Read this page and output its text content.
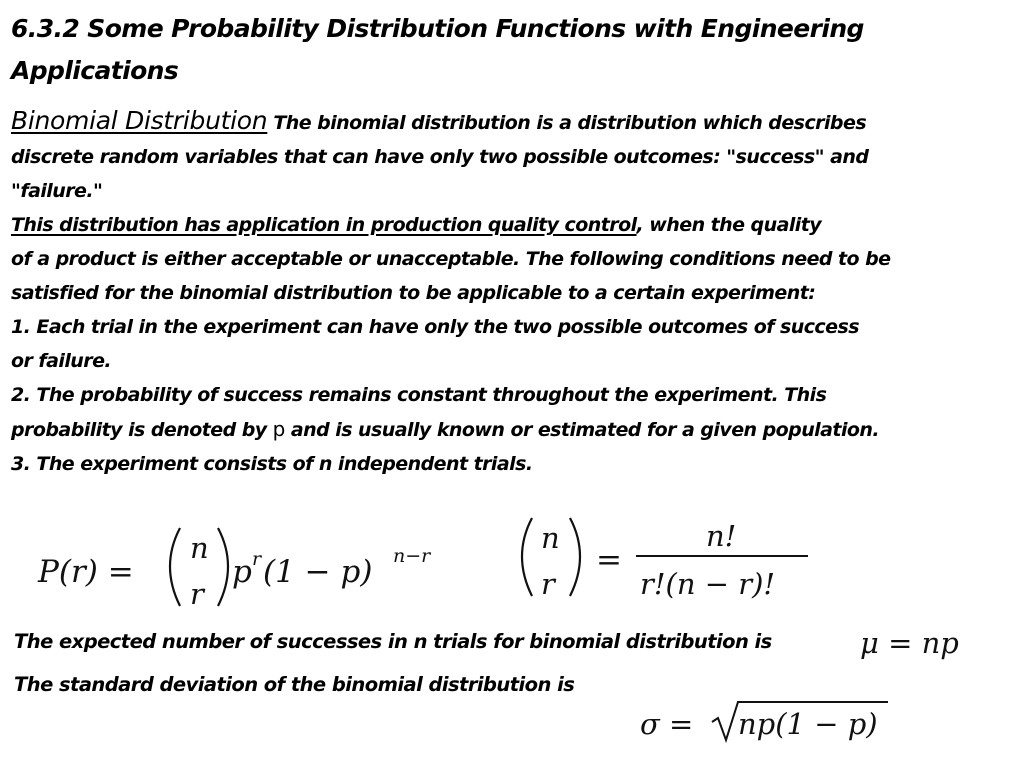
6.3.2 Some Probability Distribution Functions with Engineering
Applications

Binomial Distribution The binomial distribution is a distribution which describes
discrete random variables that can have only two possible outcomes: "success" and
"failure."
This distribution has application in production quality control, when the quality
of a product is either acceptable or unacceptable. The following conditions need to be
satisfied for the binomial distribution to be applicable to a certain experiment:
1. Each trial in the experiment can have only the two possible outcomes of success
or failure.
2. The probability of success remains constant throughout the experiment. This
probability is denoted by p and is usually known or estimated for a given population.
3. The experiment consists of n independent trials.

P(r) =
n
r
p r (1 − p) n−r
n
r
=
n!
r!(n − r)!

The expected number of successes in n trials for binomial distribution is	μ = np

The standard deviation of the binomial distribution is

σ = np(1 − p)
